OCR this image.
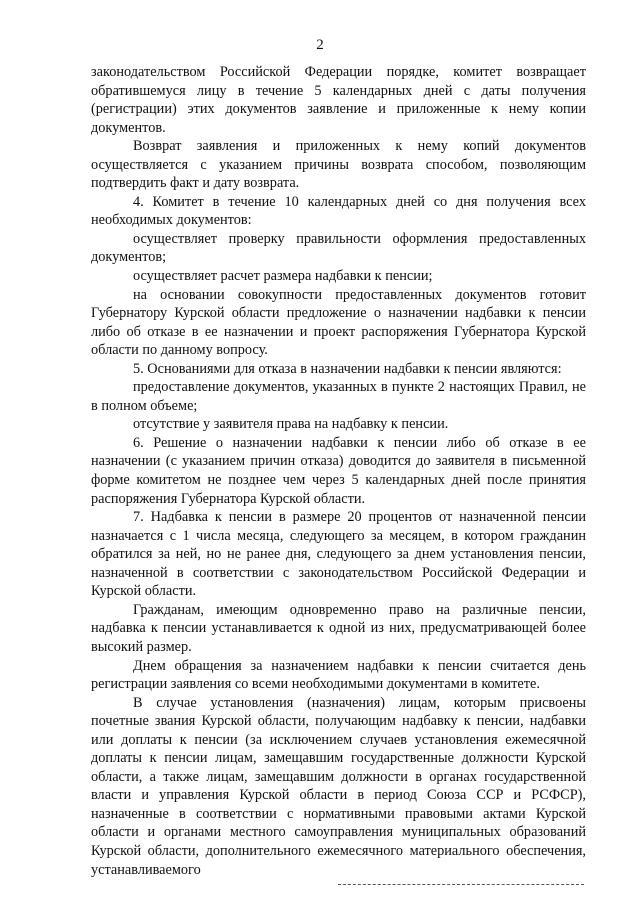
2

законодательством Российской Федерации порядке, комитет возвращает обратившемуся лицу в течение 5 календарных дней с даты получения (регистрации) этих документов заявление и приложенные к нему копии документов.

Возврат заявления и приложенных к нему копий документов осуществляется с указанием причины возврата способом, позволяющим подтвердить факт и дату возврата.

4. Комитет в течение 10 календарных дней со дня получения всех необходимых документов:

осуществляет проверку правильности оформления предоставленных документов;

осуществляет расчет размера надбавки к пенсии;

на основании совокупности предоставленных документов готовит Губернатору Курской области предложение о назначении надбавки к пенсии либо об отказе в ее назначении и проект распоряжения Губернатора Курской области по данному вопросу.

5. Основаниями для отказа в назначении надбавки к пенсии являются:

предоставление документов, указанных в пункте 2 настоящих Правил, не в полном объеме;

отсутствие у заявителя права на надбавку к пенсии.

6. Решение о назначении надбавки к пенсии либо об отказе в ее назначении (с указанием причин отказа) доводится до заявителя в письменной форме комитетом не позднее чем через 5 календарных дней после принятия распоряжения Губернатора Курской области.

7. Надбавка к пенсии в размере 20 процентов от назначенной пенсии назначается с 1 числа месяца, следующего за месяцем, в котором гражданин обратился за ней, но не ранее дня, следующего за днем установления пенсии, назначенной в соответствии с законодательством Российской Федерации и Курской области.

Гражданам, имеющим одновременно право на различные пенсии, надбавка к пенсии устанавливается к одной из них, предусматривающей более высокий размер.

Днем обращения за назначением надбавки к пенсии считается день регистрации заявления со всеми необходимыми документами в комитете.

В случае установления (назначения) лицам, которым присвоены почетные звания Курской области, получающим надбавку к пенсии, надбавки или доплаты к пенсии (за исключением случаев установления ежемесячной доплаты к пенсии лицам, замещавшим государственные должности Курской области, а также лицам, замещавшим должности в органах государственной власти и управления Курской области в период Союза ССР и РСФСР), назначенные в соответствии с нормативными правовыми актами Курской области и органами местного самоуправления муниципальных образований Курской области, дополнительного ежемесячного материального обеспечения, устанавливаемого
